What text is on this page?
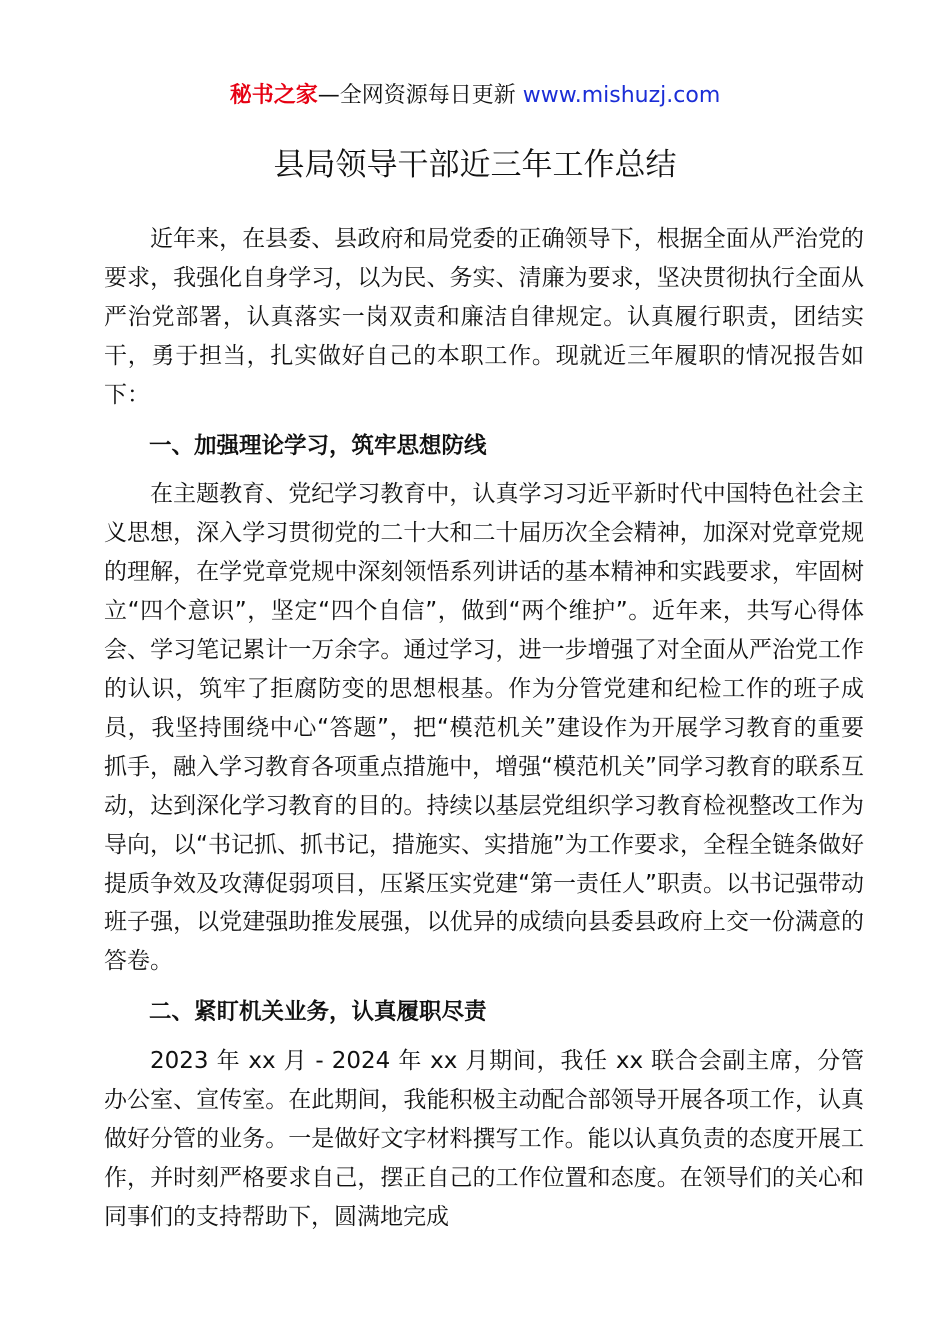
秘书之家—全网资源每日更新 www.mishuzj.com
县局领导干部近三年工作总结

近年来，在县委、县政府和局党委的正确领导下，根据全面从严治党的要求，我强化自身学习，以为民、务实、清廉为要求，坚决贯彻执行全面从严治党部署，认真落实一岗双责和廉洁自律规定。认真履行职责，团结实干，勇于担当，扎实做好自己的本职工作。现就近三年履职的情况报告如下：

一、加强理论学习，筑牢思想防线

在主题教育、党纪学习教育中，认真学习习近平新时代中国特色社会主义思想，深入学习贯彻党的二十大和二十届历次全会精神，加深对党章党规的理解，在学党章党规中深刻领悟系列讲话的基本精神和实践要求，牢固树立“四个意识”，坚定“四个自信”，做到“两个维护”。近年来，共写心得体会、学习笔记累计一万余字。通过学习，进一步增强了对全面从严治党工作的认识，筑牢了拒腐防变的思想根基。作为分管党建和纪检工作的班子成员，我坚持围绕中心“答题”，把“模范机关”建设作为开展学习教育的重要抓手，融入学习教育各项重点措施中，增强“模范机关”同学习教育的联系互动，达到深化学习教育的目的。持续以基层党组织学习教育检视整改工作为导向，以“书记抓、抓书记，措施实、实措施”为工作要求，全程全链条做好提质争效及攻薄促弱项目，压紧压实党建“第一责任人”职责。以书记强带动班子强，以党建强助推发展强，以优异的成绩向县委县政府上交一份满意的答卷。

二、紧盯机关业务，认真履职尽责

2023 年 xx 月 - 2024 年 xx 月期间，我任 xx 联合会副主席，分管办公室、宣传室。在此期间，我能积极主动配合部领导开展各项工作，认真做好分管的业务。一是做好文字材料撰写工作。能以认真负责的态度开展工作，并时刻严格要求自己，摆正自己的工作位置和态度。在领导们的关心和同事们的支持帮助下，圆满地完成
